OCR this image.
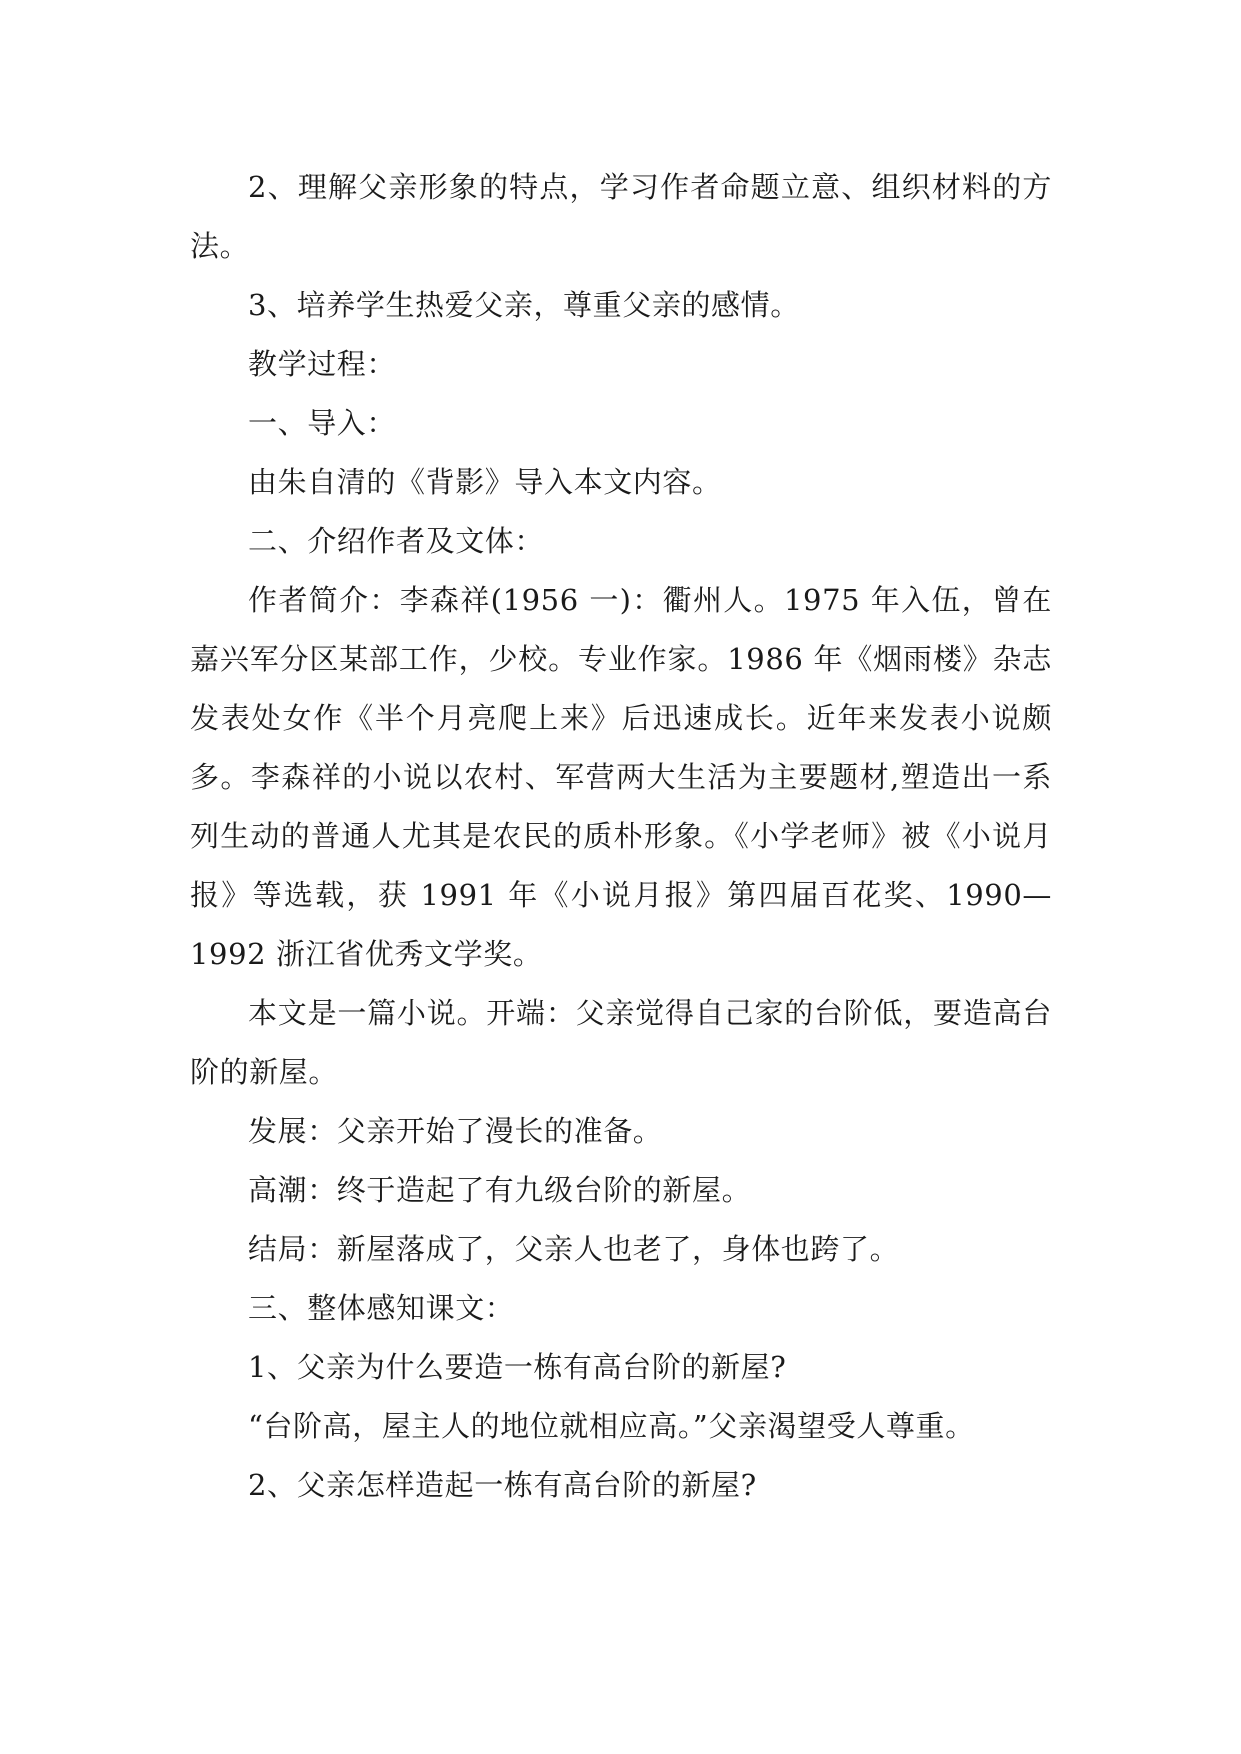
2、理解父亲形象的特点，学习作者命题立意、组织材料的方法。

3、培养学生热爱父亲，尊重父亲的感情。

教学过程：

一、导入：

由朱自清的《背影》导入本文内容。

二、介绍作者及文体：

作者简介：李森祥(1956 一)：衢州人。1975 年入伍，曾在嘉兴军分区某部工作，少校。专业作家。1986 年《烟雨楼》杂志发表处女作《半个月亮爬上来》后迅速成长。近年来发表小说颇多。李森祥的小说以农村、军营两大生活为主要题材,塑造出一系列生动的普通人尤其是农民的质朴形象。《小学老师》被《小说月报》等选载，获 1991 年《小说月报》第四届百花奖、1990—1992 浙江省优秀文学奖。

本文是一篇小说。开端：父亲觉得自己家的台阶低，要造高台阶的新屋。

发展：父亲开始了漫长的准备。

高潮：终于造起了有九级台阶的新屋。

结局：新屋落成了，父亲人也老了，身体也跨了。

三、整体感知课文：

1、父亲为什么要造一栋有高台阶的新屋?

“台阶高，屋主人的地位就相应高。”父亲渴望受人尊重。

2、父亲怎样造起一栋有高台阶的新屋?
